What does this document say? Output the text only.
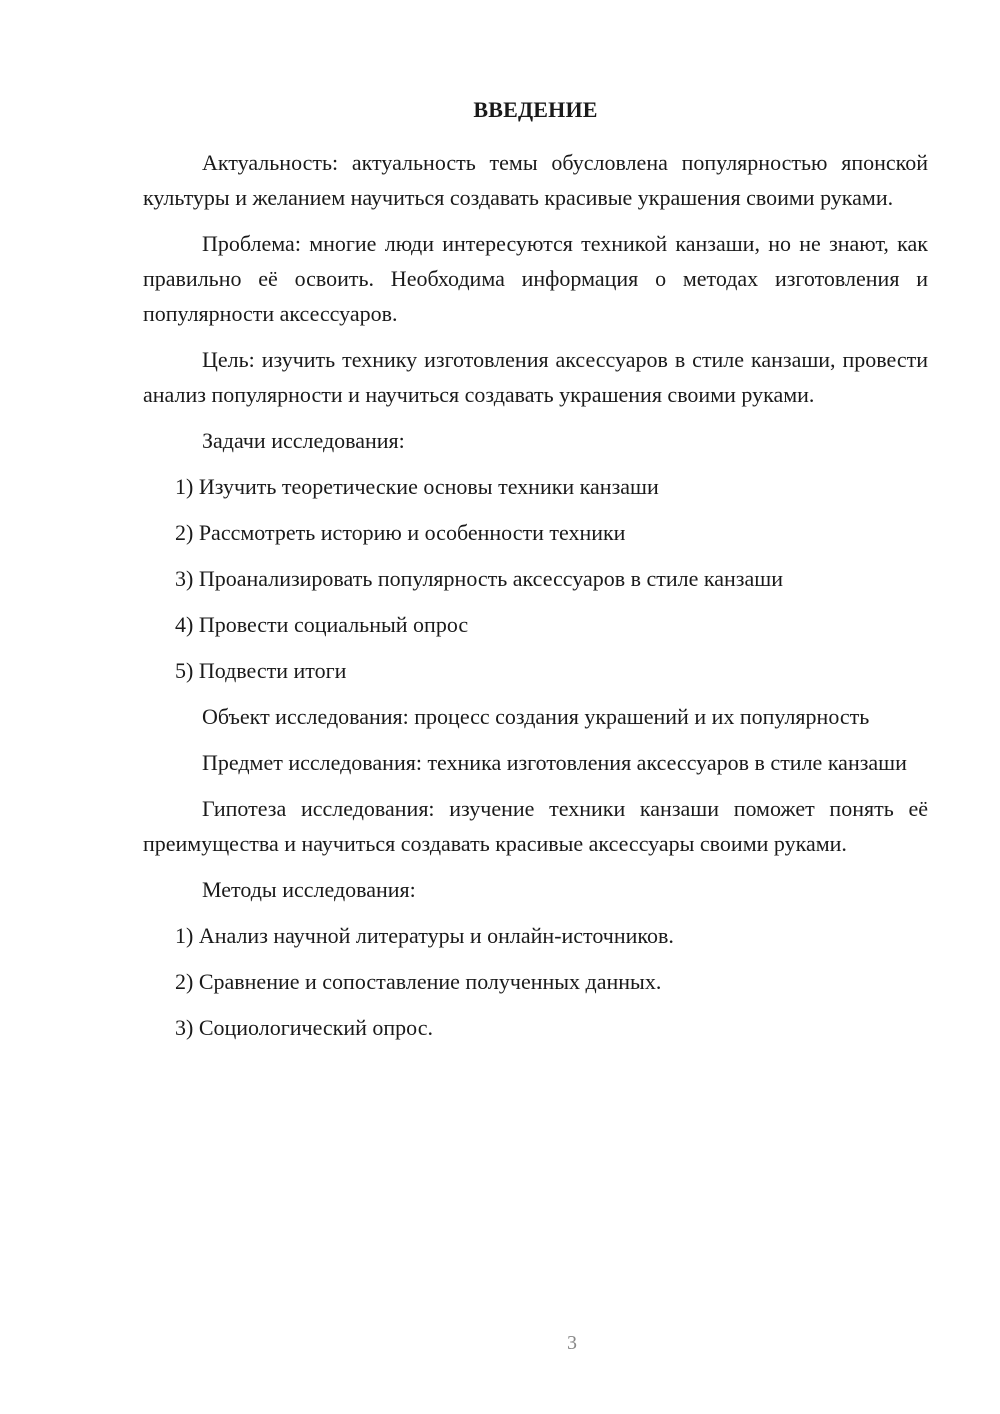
ВВЕДЕНИЕ

Актуальность: актуальность темы обусловлена популярностью японской культуры и желанием научиться создавать красивые украшения своими руками.

Проблема: многие люди интересуются техникой канзаши, но не знают, как правильно её освоить. Необходима информация о методах изготовления и популярности аксессуаров.

Цель: изучить технику изготовления аксессуаров в стиле канзаши, провести анализ популярности и научиться создавать украшения своими руками.

Задачи исследования:

1) Изучить теоретические основы техники канзаши

2) Рассмотреть историю и особенности техники

3) Проанализировать популярность аксессуаров в стиле канзаши

4) Провести социальный опрос

5) Подвести итоги

Объект исследования: процесс создания украшений и их популярность

Предмет исследования: техника изготовления аксессуаров в стиле канзаши

Гипотеза исследования: изучение техники канзаши поможет понять её преимущества и научиться создавать красивые аксессуары своими руками.

Методы исследования:

1) Анализ научной литературы и онлайн-источников.

2) Сравнение и сопоставление полученных данных.

3) Социологический опрос.

3
